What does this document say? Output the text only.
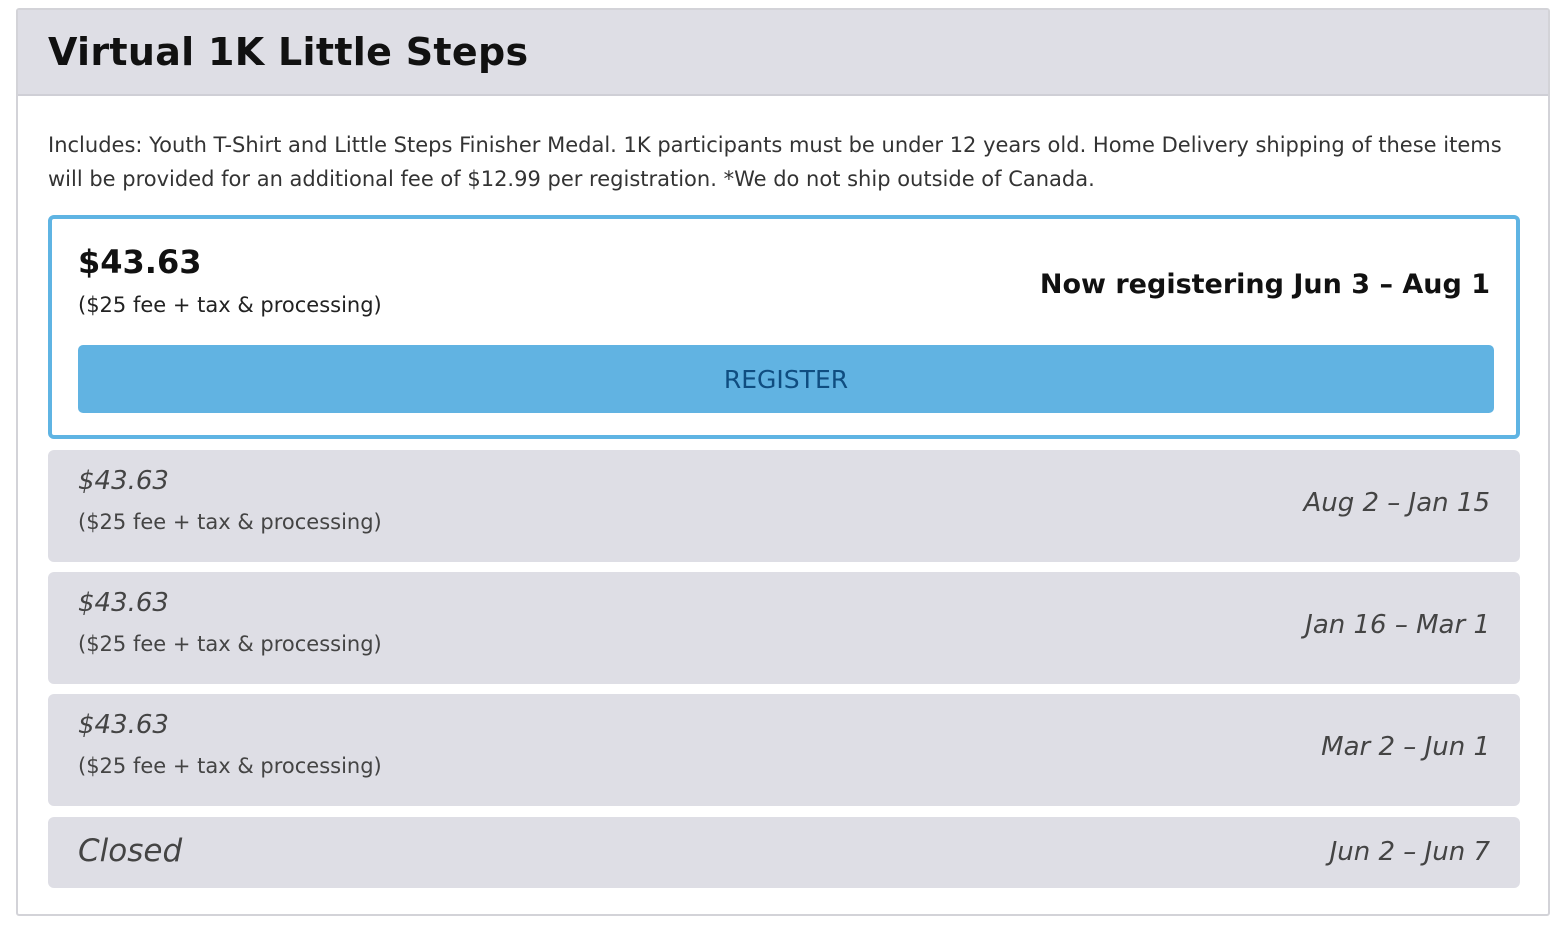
Virtual 1K Little Steps

Includes: Youth T-Shirt and Little Steps Finisher Medal. 1K participants must be under 12 years old. Home Delivery shipping of these items will be provided for an additional fee of $12.99 per registration. *We do not ship outside of Canada.

$43.63
($25 fee + tax & processing)
Now registering Jun 3 – Aug 1
REGISTER
$43.63
($25 fee + tax & processing)
Aug 2 – Jan 15
$43.63
($25 fee + tax & processing)
Jan 16 – Mar 1
$43.63
($25 fee + tax & processing)
Mar 2 – Jun 1
Closed	Jun 2 – Jun 7
